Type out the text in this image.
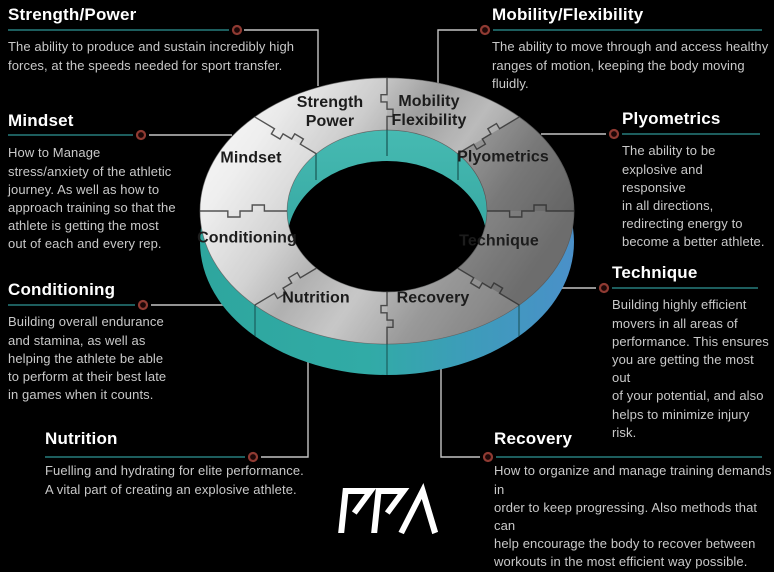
Strength
Power
Mobility
Flexibility
Mindset	Plyometrics
Conditioning	Technique
Nutrition	Recovery
Strength/Power

The ability to produce and sustain incredibly high
forces, at the speeds needed for sport transfer.

Mobility/Flexibility

The ability to move through and access healthy
ranges of motion, keeping the body moving fluidly.

Mindset

How to Manage
stress/anxiety of the athletic
journey. As well as how to
approach training so that the
athlete is getting the most
out of each and every rep.

Plyometrics

The ability to be
explosive and responsive
in all directions,
redirecting energy to
become a better athlete.

Conditioning

Building overall endurance
and stamina, as well as
helping the athlete be able
to perform at their best late
in games when it counts.

Technique

Building highly efficient
movers in all areas of
performance. This ensures
you are getting the most out
of your potential, and also
helps to minimize injury risk.

Nutrition

Fuelling and hydrating for elite performance.
A vital part of creating an explosive athlete.

Recovery

How to organize and manage training demands in
order to keep progressing. Also methods that can
help encourage the body to recover between
workouts in the most efficient way possible.
